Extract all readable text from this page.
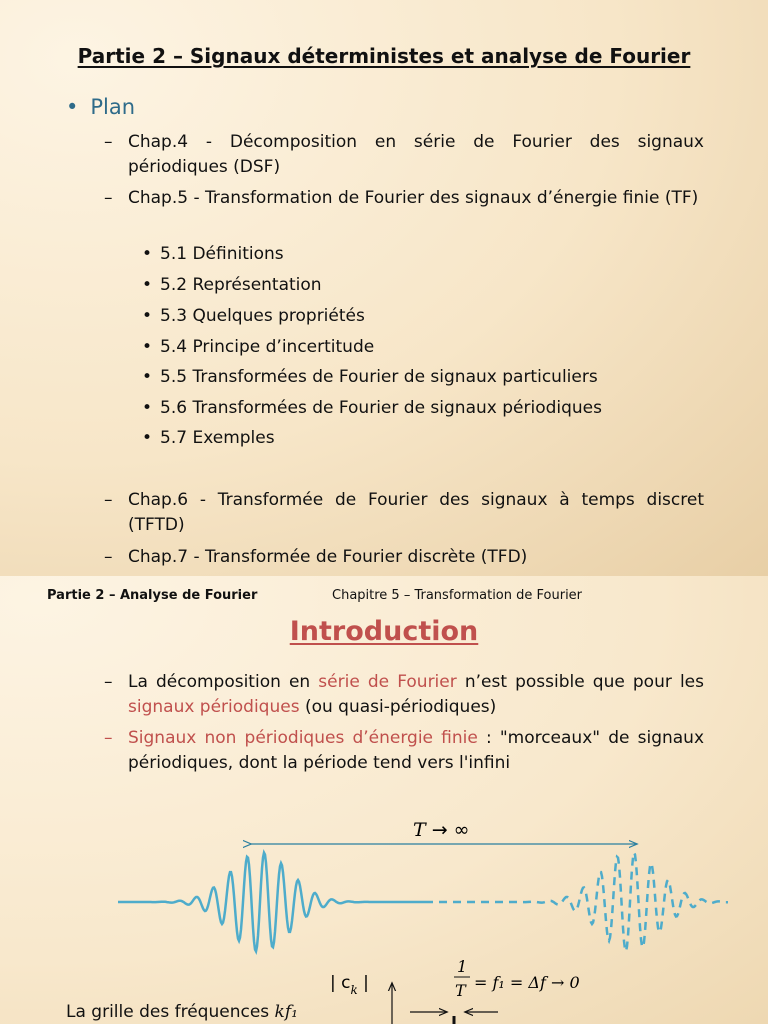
Partie 2 – Signaux déterministes et analyse de Fourier
• Plan
– Chap.4 - Décomposition en série de Fourier des signaux périodiques (DSF)
– Chap.5 - Transformation de Fourier des signaux d’énergie finie (TF)
• 5.1 Définitions
• 5.2 Représentation
• 5.3 Quelques propriétés
• 5.4 Principe d’incertitude
• 5.5 Transformées de Fourier de signaux particuliers
• 5.6 Transformées de Fourier de signaux périodiques
• 5.7 Exemples
– Chap.6 - Transformée de Fourier des signaux à temps discret (TFTD)
– Chap.7 - Transformée de Fourier discrète (TFD)
Partie 2 – Analyse de Fourier	Chapitre 5 – Transformation de Fourier
Introduction
– La décomposition en série de Fourier n’est possible que pour les signaux périodiques (ou quasi-périodiques)
– Signaux non périodiques d’énergie finie : "morceaux" de signaux périodiques, dont la période tend vers l'infini
T → ∞
| $c_k$ |
1
T = f₁ = Δf → 0
La grille des fréquences kf₁
